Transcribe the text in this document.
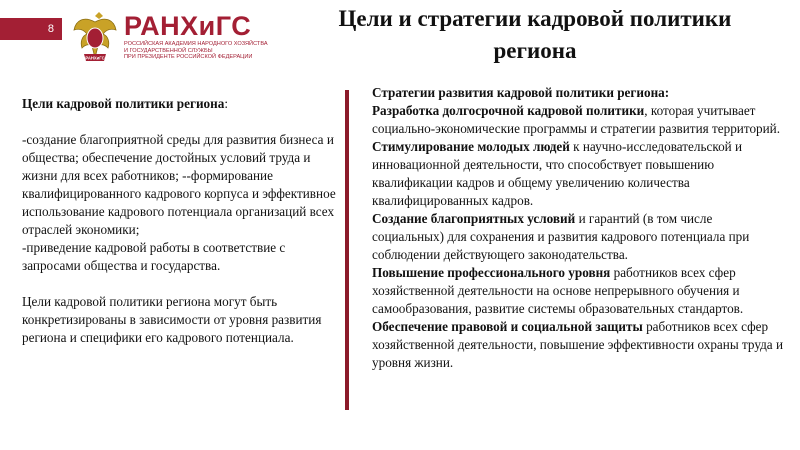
8
РАНХиГС
РАНХиГС
РОССИЙСКАЯ АКАДЕМИЯ НАРОДНОГО ХОЗЯЙСТВА
И ГОСУДАРСТВЕННОЙ СЛУЖБЫ
ПРИ ПРЕЗИДЕНТЕ РОССИЙСКОЙ ФЕДЕРАЦИИ
Цели и стратегии кадровой политики
региона

Цели кадровой политики региона:

-создание благоприятной среды для развития бизнеса и общества; обеспечение достойных условий труда и жизни для всех работников; --формирование квалифицированного кадрового корпуса и эффективное использование кадрового потенциала организаций всех отраслей экономики;

-приведение кадровой работы в соответствие с запросами общества и государства.

Цели кадровой политики региона могут быть конкретизированы в зависимости от уровня развития региона и специфики его кадрового потенциала.

Стратегии развития кадровой политики региона:

Разработка долгосрочной кадровой политики, которая учитывает социально-экономические программы и стратегии развития территорий.

Стимулирование молодых людей к научно-исследовательской и инновационной деятельности, что способствует повышению квалификации кадров и общему увеличению количества квалифицированных кадров.

Создание благоприятных условий и гарантий (в том числе социальных) для сохранения и развития кадрового потенциала при соблюдении действующего законодательства.

Повышение профессионального уровня работников всех сфер хозяйственной деятельности на основе непрерывного обучения и самообразования, развитие системы образовательных стандартов.

Обеспечение правовой и социальной защиты работников всех сфер хозяйственной деятельности, повышение эффективности охраны труда и уровня жизни.
